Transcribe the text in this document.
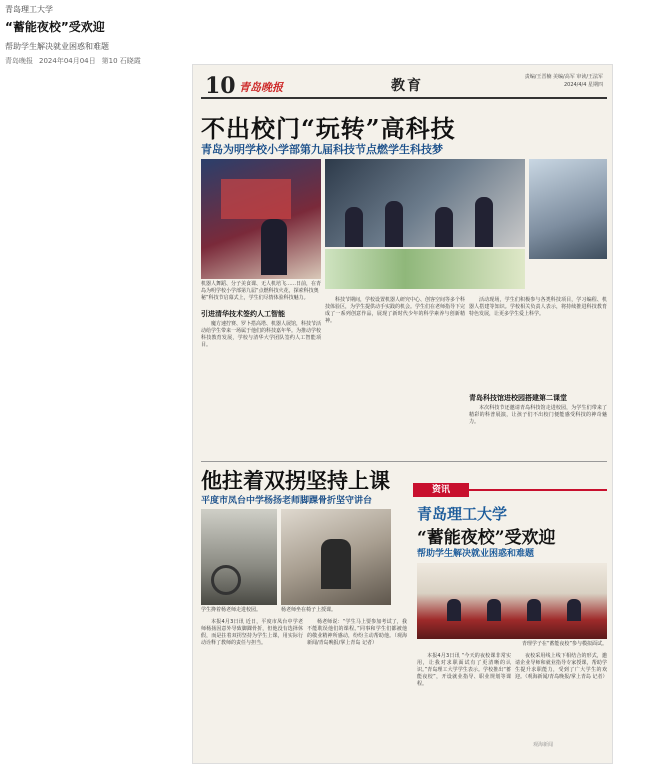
青岛理工大学
“蓄能夜校”受欢迎
帮助学生解决就业困惑和难题
青岛晚报 2024年04月04日 第10 石晓霞
10 青岛晚报	教育
责编/王晋楠 美编/高军 审读/王法军
2024/4/4 星期四
不出校门“玩转”高科技
青岛为明学校小学部第九届科技节点燃学生科技梦
机器人舞蹈、分子美食课、无人机培飞……日前，在青岛为明学校小学部第九届“点燃科技火花，探索科技奥秘”科技节启幕式上，学生们尽情体验科技魅力。
引进清华技术签约人工智能

魔方速拧赛、罗卜搭高塔、机器人展馆，科技节活动给学生带来一场属于他们的科技嘉年华。为推动学校科技教育发展，学校与清华大学团队签约人工智能项目。

科技节期间，学校设置机器人研究中心、创客空间等多个科技体验区，为学生提供动手实践的机会。学生们在老师指导下完成了一系列创意作品，展现了新时代少年的科学素养与创新精神。

活动现场，学生们积极参与各类科技项目，学习编程、机器人搭建等知识。学校相关负责人表示，将持续推进科技教育特色发展，让更多学生爱上科学。

青岛科技馆进校园搭建第二课堂

本次科技节还邀请青岛科技馆走进校园，为学生们带来了精彩的科普展演，让孩子们不出校门便能感受科技的神奇魅力。

他拄着双拐坚持上课
平度市凤台中学杨扬老师脚踝骨折坚守讲台
学生搀着杨老师走进校园。	杨老师坐在椅子上授课。

本报4月3日讯 近日，平度市凤台中学老师杨扬因意外导致脚踝骨折，但他没有选择休假，而是拄着双拐坚持为学生上课，用实际行动诠释了教师的责任与担当。

杨老师说：“学生马上要参加考试了，我不能耽误他们的课程。”同事和学生们都被他的敬业精神所感动，纷纷主动帮助他。（观海新闻/青岛晚报/掌上青岛 记者）

资讯
青岛理工大学
“蓄能夜校”受欢迎
帮助学生解决就业困惑和难题
青理学子在“蓄能夜校”参与模拟面试。

本报4月3日讯 “今天的夜校课非常实用，让我对求职面试有了更清晰的认识。”青岛理工大学学生表示。学校推出“蓄能夜校”，开设就业指导、职业规划等课程。

夜校采用线上线下相结合的形式，邀请企业导师和就业指导专家授课，帮助学生提升求职能力，受到了广大学生的欢迎。（观海新闻/青岛晚报/掌上青岛 记者）

观海新闻
